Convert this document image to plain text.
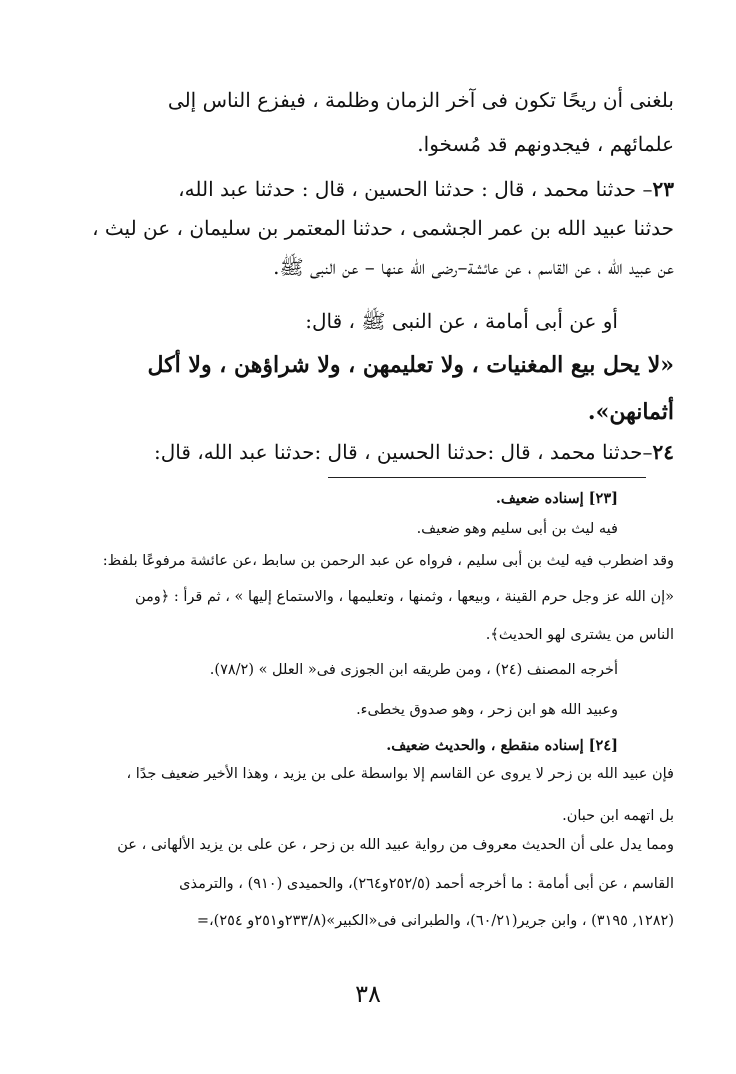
بلغنى أن ريحًا تكون فى آخر الزمان وظلمة ، فيفزع الناس إلى
علمائهم ، فيجدونهم قد مُسخوا.
٢٣– حدثنا محمد ، قال : حدثنا الحسين ، قال : حدثنا عبد الله،
حدثنا عبيد الله بن عمر الجشمى ، حدثنا المعتمر بن سليمان ، عن ليث ،
عن عبيد الله ، عن القاسم ، عن عائشة–رضى الله عنها – عن النبى ﷺ.
أو عن أبى أمامة ، عن النبى ﷺ ، قال:
«لا يحل بيع المغنيات ، ولا تعليمهن ، ولا شراؤهن ، ولا أكل
أثمانهن».
٢٤–حدثنا محمد ، قال :حدثنا الحسين ، قال :حدثنا عبد الله، قال:
[٢٣] إسناده ضعيف.
فيه ليث بن أبى سليم وهو ضعيف.
وقد اضطرب فيه ليث بن أبى سليم ، فرواه عن عبد الرحمن بن سابط ،عن عائشة مرفوعًا بلفظ:
«إن الله عز وجل حرم القينة ، وبيعها ، وثمنها ، وتعليمها ، والاستماع إليها » ، ثم قرأ : ﴿ومن
الناس من يشترى لهو الحديث﴾.
أخرجه المصنف (٢٤) ، ومن طريقه ابن الجوزى فى« العلل » (٧٨/٢).
وعبيد الله هو ابن زحر ، وهو صدوق يخطىء.
[٢٤] إسناده منقطع ، والحديث ضعيف.
فإن عبيد الله بن زحر لا يروى عن القاسم إلا بواسطة على بن يزيد ، وهذا الأخير ضعيف جدًا ،
بل اتهمه ابن حبان.
ومما يدل على أن الحديث معروف من رواية عبيد الله بن زحر ، عن على بن يزيد الألهانى ، عن
القاسم ، عن أبى أمامة : ما أخرجه أحمد (٢٥٢/٥و٢٦٤)، والحميدى (٩١٠) ، والترمذى
(١٢٨٢, ٣١٩٥) ، وابن جرير(٦٠/٢١)، والطبرانى فى«الكبير»(٢٣٣/٨و٢٥١و ٢٥٤)،=
٣٨
